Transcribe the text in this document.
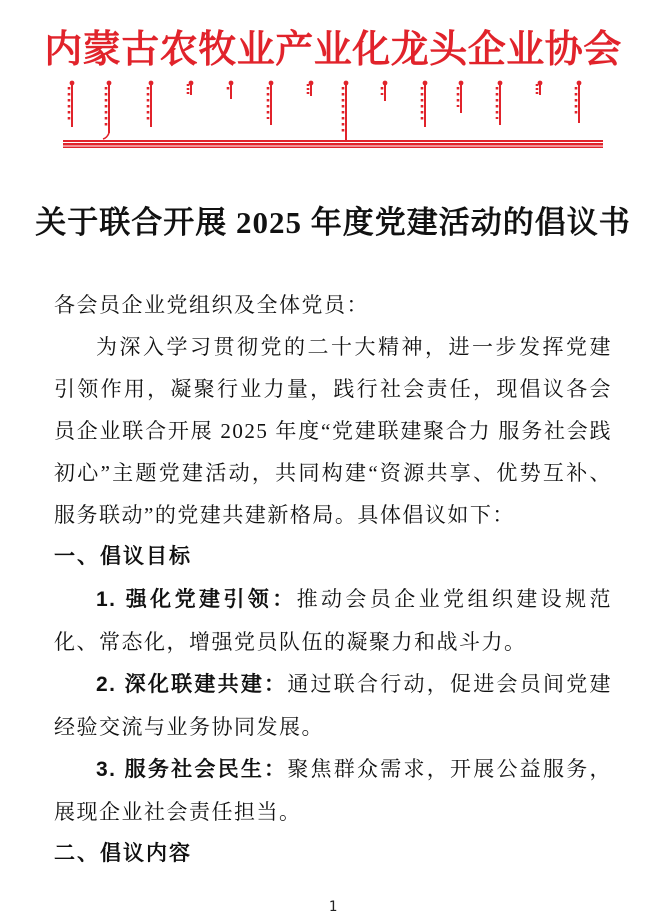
内蒙古农牧业产业化龙头企业协会
关于联合开展 2025 年度党建活动的倡议书

各会员企业党组织及全体党员：

为深入学习贯彻党的二十大精神，进一步发挥党建引领作用，凝聚行业力量，践行社会责任，现倡议各会员企业联合开展 2025 年度“党建联建聚合力 服务社会践初心”主题党建活动，共同构建“资源共享、优势互补、服务联动”的党建共建新格局。具体倡议如下：

一、倡议目标

1. 强化党建引领：推动会员企业党组织建设规范化、常态化，增强党员队伍的凝聚力和战斗力。

2. 深化联建共建：通过联合行动，促进会员间党建经验交流与业务协同发展。

3. 服务社会民生：聚焦群众需求，开展公益服务，展现企业社会责任担当。

二、倡议内容

1
